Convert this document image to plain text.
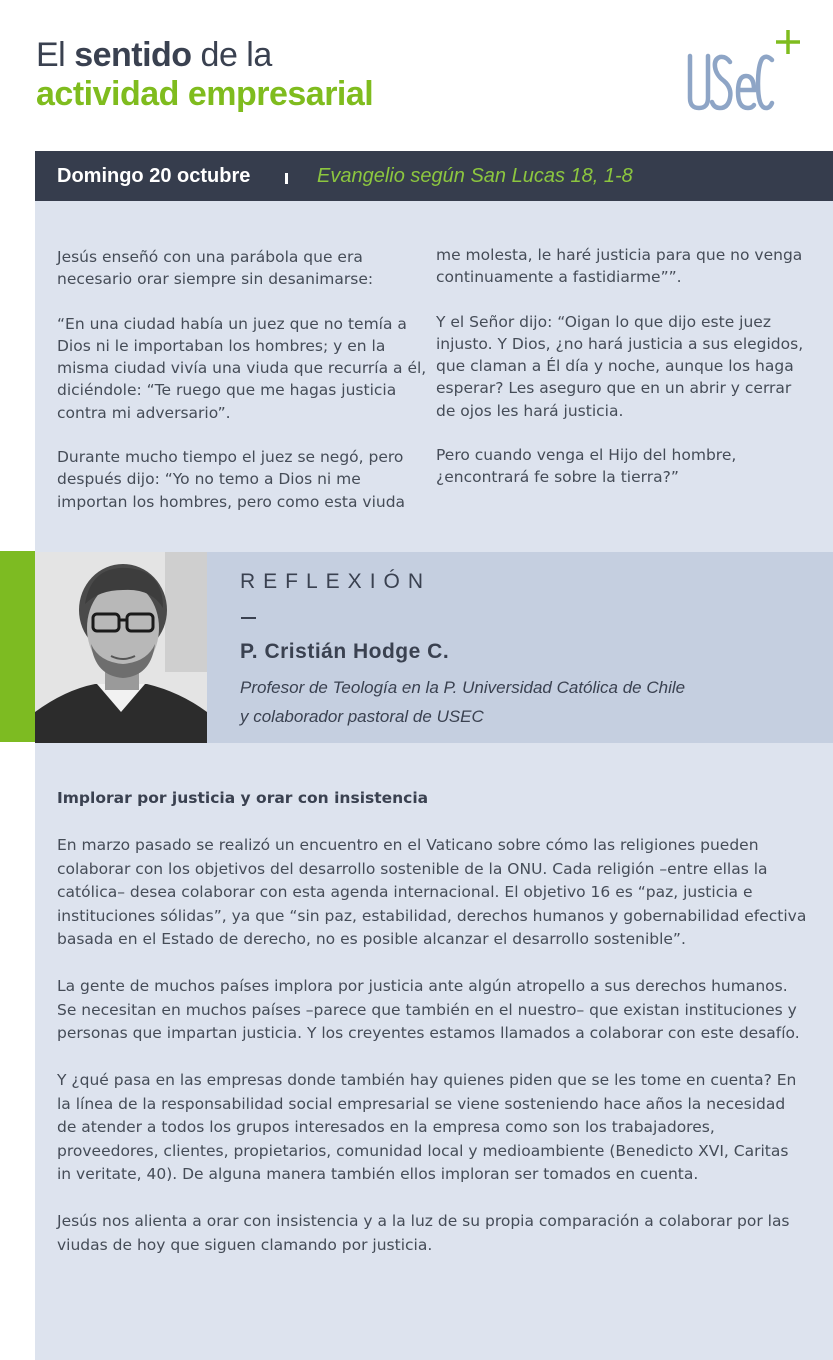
El sentido de la
actividad empresarial
Domingo 20 octubre	Evangelio según San Lucas 18, 1-8

Jesús enseñó con una parábola que era necesario orar siempre sin desanimarse:

“En una ciudad había un juez que no temía a Dios ni le importaban los hombres; y en la misma ciudad vivía una viuda que recurría a él, diciéndole: “Te ruego que me hagas justicia contra mi adversario”.

Durante mucho tiempo el juez se negó, pero después dijo: “Yo no temo a Dios ni me importan los hombres, pero como esta viuda

me molesta, le haré justicia para que no venga continuamente a fastidiarme””.

Y el Señor dijo: “Oigan lo que dijo este juez injusto. Y Dios, ¿no hará justicia a sus elegidos, que claman a Él día y noche, aunque los haga esperar? Les aseguro que en un abrir y cerrar de ojos les hará justicia.

Pero cuando venga el Hijo del hombre, ¿encontrará fe sobre la tierra?”

REFLEXIÓN
P. Cristián Hodge C.
Profesor de Teología en la P. Universidad Católica de Chile
y colaborador pastoral de USEC
Implorar por justicia y orar con insistencia

En marzo pasado se realizó un encuentro en el Vaticano sobre cómo las religiones pueden colaborar con los objetivos del desarrollo sostenible de la ONU. Cada religión –entre ellas la católica– desea colaborar con esta agenda internacional. El objetivo 16 es “paz, justicia e instituciones sólidas”, ya que “sin paz, estabilidad, derechos humanos y gobernabilidad efectiva basada en el Estado de derecho, no es posible alcanzar el desarrollo sostenible”.

La gente de muchos países implora por justicia ante algún atropello a sus derechos humanos. Se necesitan en muchos países –parece que también en el nuestro– que existan instituciones y personas que impartan justicia. Y los creyentes estamos llamados a colaborar con este desafío.

Y ¿qué pasa en las empresas donde también hay quienes piden que se les tome en cuenta? En la línea de la responsabilidad social empresarial se viene sosteniendo hace años la necesidad de atender a todos los grupos interesados en la empresa como son los trabajadores, proveedores, clientes, propietarios, comunidad local y medioambiente (Benedicto XVI, Caritas in veritate, 40). De alguna manera también ellos imploran ser tomados en cuenta.

Jesús nos alienta a orar con insistencia y a la luz de su propia comparación a colaborar por las viudas de hoy que siguen clamando por justicia.
